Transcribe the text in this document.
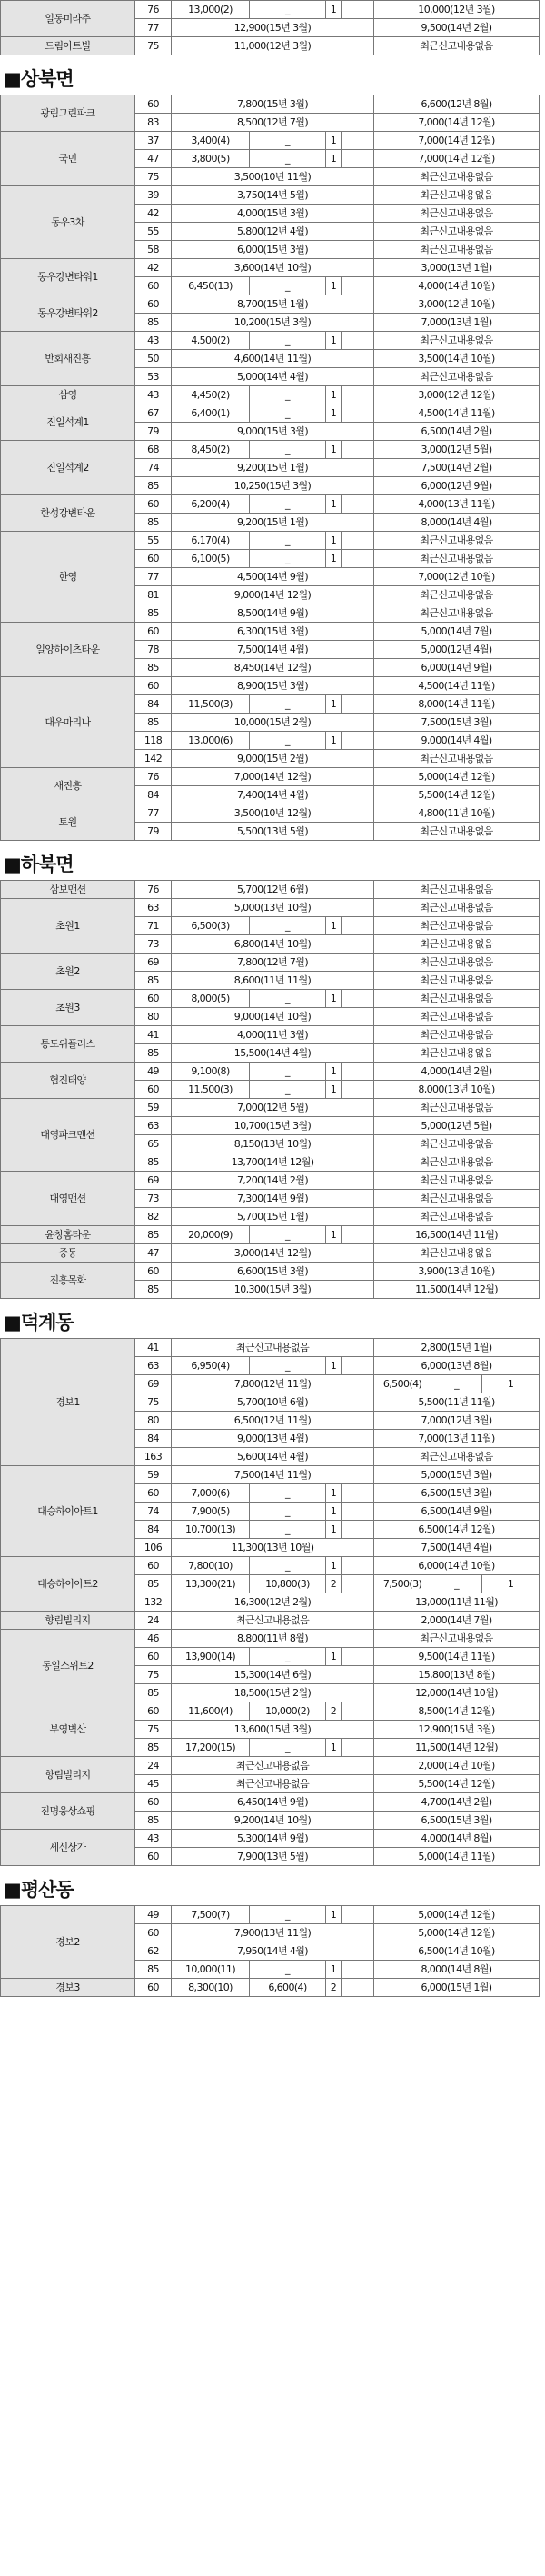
일동미라주	76	13,000(2)	_	1		10,000(12년 3월)
	77	12,900(15년 3월)				9,500(14년 2월)
드림아트빌	75	11,000(12년 3월)				최근신고내용없음
■상북면
광림그린파크	60	7,800(15년 3월)				6,600(12년 8월)
	83	8,500(12년 7월)				7,000(14년 12월)
국민	37	3,400(4)	_	1		7,000(14년 12월)
	47	3,800(5)	_	1		7,000(14년 12월)
	75	3,500(10년 11월)				최근신고내용없음
동우3차	39	3,750(14년 5월)				최근신고내용없음
	42	4,000(15년 3월)				최근신고내용없음
	55	5,800(12년 4월)				최근신고내용없음
	58	6,000(15년 3월)				최근신고내용없음
동우강변타워1	42	3,600(14년 10월)				3,000(13년 1월)
	60	6,450(13)	_	1		4,000(14년 10월)
동우강변타워2	60	8,700(15년 1월)				3,000(12년 10월)
	85	10,200(15년 3월)				7,000(13년 1월)
반회새진흥	43	4,500(2)	_	1		최근신고내용없음
	50	4,600(14년 11월)				3,500(14년 10월)
	53	5,000(14년 4월)				최근신고내용없음
삼영	43	4,450(2)	_	1		3,000(12년 12월)
진일석계1	67	6,400(1)	_	1		4,500(14년 11월)
	79	9,000(15년 3월)				6,500(14년 2월)
진일석계2	68	8,450(2)	_	1		3,000(12년 5월)
	74	9,200(15년 1월)				7,500(14년 2월)
	85	10,250(15년 3월)				6,000(12년 9월)
한성강변타운	60	6,200(4)	_	1		4,000(13년 11월)
	85	9,200(15년 1월)				8,000(14년 4월)
한영	55	6,170(4)	_	1		최근신고내용없음
	60	6,100(5)	_	1		최근신고내용없음
	77	4,500(14년 9월)				7,000(12년 10월)
	81	9,000(14년 12월)				최근신고내용없음
	85	8,500(14년 9월)				최근신고내용없음
일양하이츠타운	60	6,300(15년 3월)				5,000(14년 7월)
	78	7,500(14년 4월)				5,000(12년 4월)
	85	8,450(14년 12월)				6,000(14년 9월)
대우마리나	60	8,900(15년 3월)				4,500(14년 11월)
	84	11,500(3)	_	1		8,000(14년 11월)
	85	10,000(15년 2월)				7,500(15년 3월)
	118	13,000(6)	_	1		9,000(14년 4월)
	142	9,000(15년 2월)				최근신고내용없음
새진흥	76	7,000(14년 12월)				5,000(14년 12월)
	84	7,400(14년 4월)				5,500(14년 12월)
토원	77	3,500(10년 12월)				4,800(11년 10월)
	79	5,500(13년 5월)				최근신고내용없음
■하북면
삼보맨션	76	5,700(12년 6월)				최근신고내용없음
초원1	63	5,000(13년 10월)				최근신고내용없음
	71	6,500(3)	_	1		최근신고내용없음
	73	6,800(14년 10월)				최근신고내용없음
초원2	69	7,800(12년 7월)				최근신고내용없음
	85	8,600(11년 11월)				최근신고내용없음
초원3	60	8,000(5)	_	1		최근신고내용없음
	80	9,000(14년 10월)				최근신고내용없음
통도위플러스	41	4,000(11년 3월)				최근신고내용없음
	85	15,500(14년 4월)				최근신고내용없음
협진태양	49	9,100(8)	_	1		4,000(14년 2월)
	60	11,500(3)	_	1		8,000(13년 10월)
대영파크맨션	59	7,000(12년 5월)				최근신고내용없음
	63	10,700(15년 3월)				5,000(12년 5월)
	65	8,150(13년 10월)				최근신고내용없음
	85	13,700(14년 12월)				최근신고내용없음
대영맨션	69	7,200(14년 2월)				최근신고내용없음
	73	7,300(14년 9월)				최근신고내용없음
	82	5,700(15년 1월)				최근신고내용없음
윤창홈타운	85	20,000(9)	_	1		16,500(14년 11월)
중동	47	3,000(14년 12월)				최근신고내용없음
진흥목화	60	6,600(15년 3월)				3,900(13년 10월)
	85	10,300(15년 3월)				11,500(14년 12월)
■덕계동
경보1	41	최근신고내용없음				2,800(15년 1월)		
	63	6,950(4)	_	1		6,000(13년 8월)		
	69	7,800(12년 11월)				6,500(4)	_	1
	75	5,700(10년 6월)				5,500(11년 11월)		
	80	6,500(12년 11월)				7,000(12년 3월)		
	84	9,000(13년 4월)				7,000(13년 11월)		
	163	5,600(14년 4월)				최근신고내용없음		
대승하이아트1	59	7,500(14년 11월)				5,000(15년 3월)		
	60	7,000(6)	_	1		6,500(15년 3월)		
	74	7,900(5)	_	1		6,500(14년 9월)		
	84	10,700(13)	_	1		6,500(14년 12월)		
	106	11,300(13년 10월)				7,500(14년 4월)		
대승하이아트2	60	7,800(10)	_	1		6,000(14년 10월)		
	85	13,300(21)	10,800(3)	2		7,500(3)	_	1
	132	16,300(12년 2월)				13,000(11년 11월)		
향림빌리지	24	최근신고내용없음				2,000(14년 7월)		
동일스위트2	46	8,800(11년 8월)				최근신고내용없음		
	60	13,900(14)	_	1		9,500(14년 11월)		
	75	15,300(14년 6월)				15,800(13년 8월)		
	85	18,500(15년 2월)				12,000(14년 10월)		
부영벽산	60	11,600(4)	10,000(2)	2		8,500(14년 12월)		
	75	13,600(15년 3월)				12,900(15년 3월)		
	85	17,200(15)	_	1		11,500(14년 12월)		
향림빌리지	24	최근신고내용없음				2,000(14년 10월)		
	45	최근신고내용없음				5,500(14년 12월)		
진명웅상쇼핑	60	6,450(14년 9월)				4,700(14년 2월)		
	85	9,200(14년 10월)				6,500(15년 3월)		
세신상가	43	5,300(14년 9월)				4,000(14년 8월)		
	60	7,900(13년 5월)				5,000(14년 11월)		
■평산동
경보2	49	7,500(7)	_	1		5,000(14년 12월)
	60	7,900(13년 11월)				5,000(14년 12월)
	62	7,950(14년 4월)				6,500(14년 10월)
	85	10,000(11)	_	1		8,000(14년 8월)
경보3	60	8,300(10)	6,600(4)	2		6,000(15년 1월)
